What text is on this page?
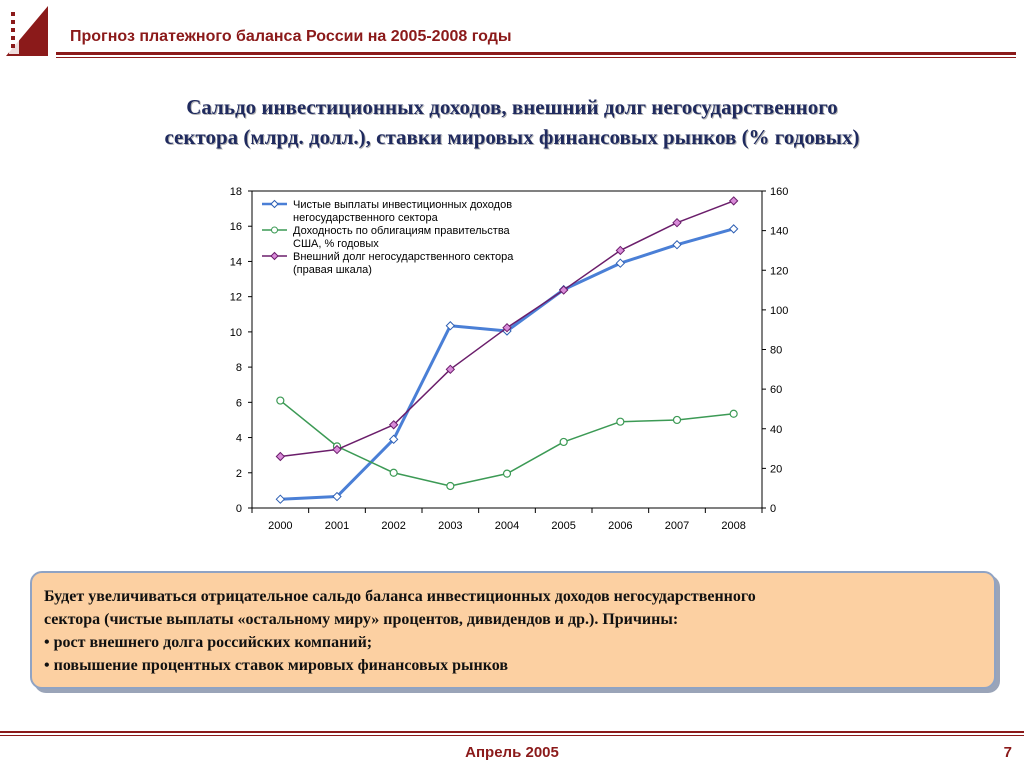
Прогноз платежного баланса России на 2005-2008 годы
Сальдо инвестиционных доходов, внешний долг негосударственного
сектора (млрд. долл.), ставки мировых финансовых рынков (% годовых)
0
2
4
6
8
10
12
14
16
18
0
20
40
60
80
100
120
140
160
2000	2001	2002	2003	2004	2005	2006	2007	2008
Чистые выплаты инвестиционных доходов
негосударственного сектора
Доходность по облигациям правительства
США, % годовых
Внешний долг негосударственного сектора
(правая шкала)

Будет увеличиваться отрицательное сальдо баланса инвестиционных доходов негосударственного

сектора (чистые выплаты «остальному миру» процентов, дивидендов и др.). Причины:

• рост внешнего долга российских компаний;

• повышение процентных ставок мировых финансовых рынков

Апрель 2005	7
